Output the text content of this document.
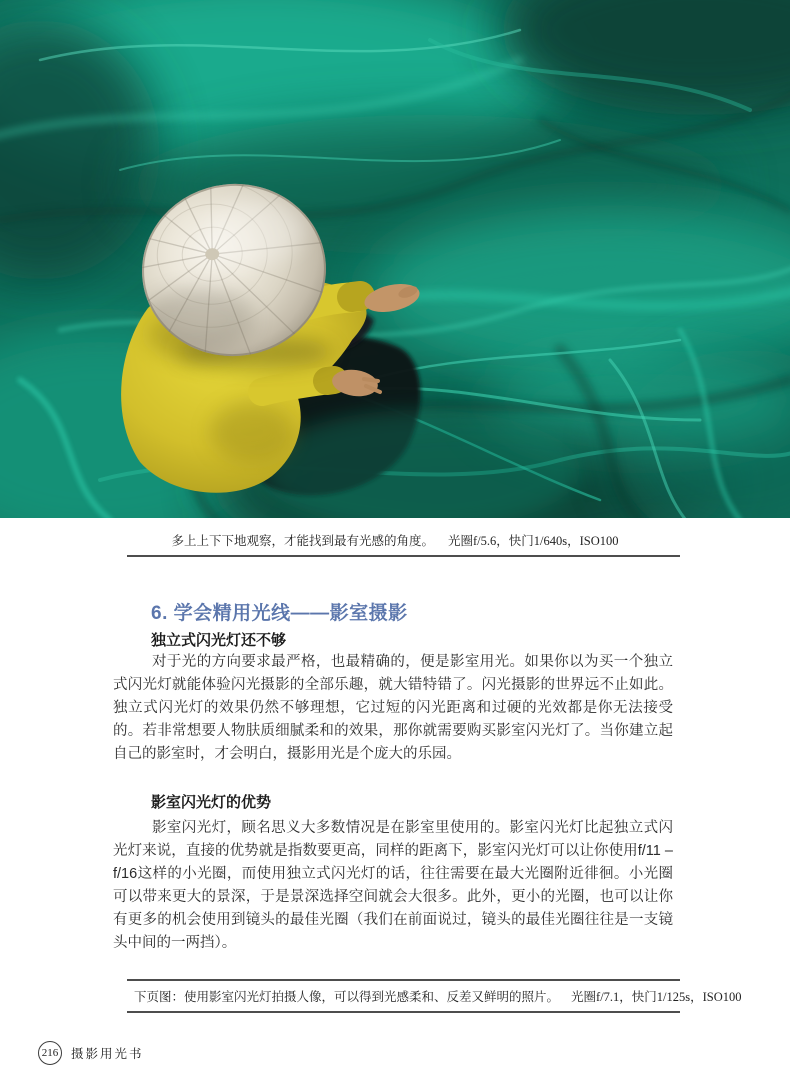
多上上下下地观察，才能找到最有光感的角度。 光圈f/5.6，快门1/640s，ISO100
6. 学会精用光线——影室摄影
独立式闪光灯还不够

对于光的方向要求最严格，也最精确的，便是影室用光。如果你以为买一个独立式闪光灯就能体验闪光摄影的全部乐趣，就大错特错了。闪光摄影的世界远不止如此。独立式闪光灯的效果仍然不够理想，它过短的闪光距离和过硬的光效都是你无法接受的。若非常想要人物肤质细腻柔和的效果，那你就需要购买影室闪光灯了。当你建立起自己的影室时，才会明白，摄影用光是个庞大的乐园。

影室闪光灯的优势

影室闪光灯，顾名思义大多数情况是在影室里使用的。影室闪光灯比起独立式闪光灯来说，直接的优势就是指数要更高，同样的距离下，影室闪光灯可以让你使用f/11 – f/16这样的小光圈，而使用独立式闪光灯的话，往往需要在最大光圈附近徘徊。小光圈可以带来更大的景深，于是景深选择空间就会大很多。此外，更小的光圈，也可以让你有更多的机会使用到镜头的最佳光圈（我们在前面说过，镜头的最佳光圈往往是一支镜头中间的一两挡）。

下页图： 使用影室闪光灯拍摄人像，可以得到光感柔和、反差又鲜明的照片。 光圈f/7.1，快门1/125s，ISO100
216	摄影用光书
